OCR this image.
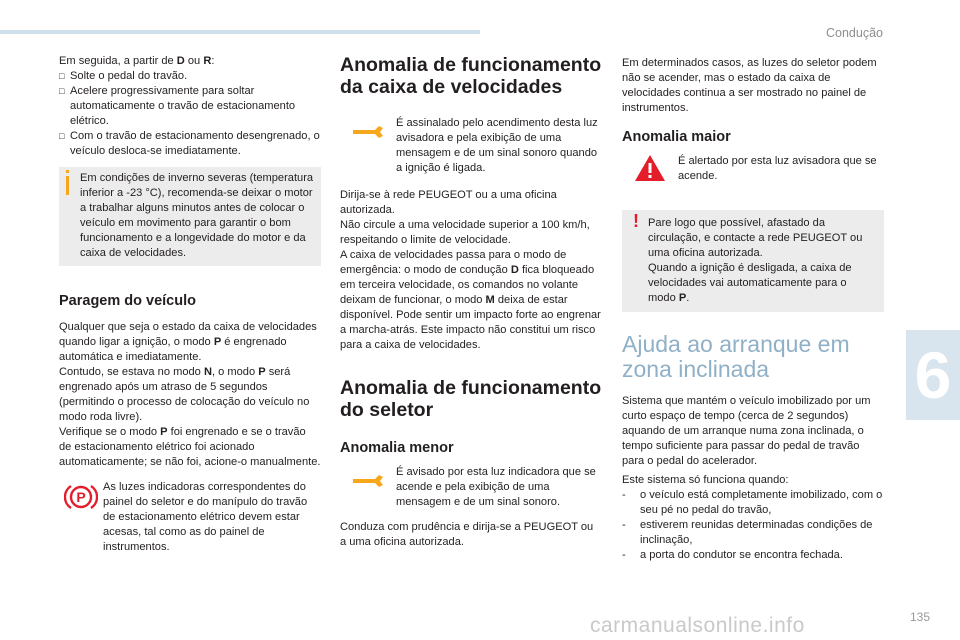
Condução
6
carmanualsonline.info	135

Em seguida, a partir de D ou R:

□ Solte o pedal do travão.
□ Acelere progressivamente para soltar automaticamente o travão de estacionamento elétrico.
□ Com o travão de estacionamento desengrenado, o veículo desloca-se imediatamente.

Em condições de inverno severas (temperatura inferior a -23 °C), recomenda-se deixar o motor a trabalhar alguns minutos antes de colocar o veículo em movimento para garantir o bom funcionamento e a longevidade do motor e da caixa de velocidades.

Paragem do veículo

Qualquer que seja o estado da caixa de velocidades quando ligar a ignição, o modo P é engrenado automática e imediatamente.

Contudo, se estava no modo N, o modo P será engrenado após um atraso de 5 segundos (permitindo o processo de colocação do veículo no modo roda livre).

Verifique se o modo P foi engrenado e se o travão de estacionamento elétrico foi acionado automaticamente; se não foi, acione-o manualmente.

P

As luzes indicadoras correspondentes do painel do seletor e do manípulo do travão de estacionamento elétrico devem estar acesas, tal como as do painel de instrumentos.

Anomalia de funcionamento da caixa de velocidades

É assinalado pelo acendimento desta luz avisadora e pela exibição de uma mensagem e de um sinal sonoro quando a ignição é ligada.

Dirija-se à rede PEUGEOT ou a uma oficina autorizada.

Não circule a uma velocidade superior a 100 km/h, respeitando o limite de velocidade.

A caixa de velocidades passa para o modo de emergência: o modo de condução D fica bloqueado em terceira velocidade, os comandos no volante deixam de funcionar, o modo M deixa de estar disponível. Pode sentir um impacto forte ao engrenar a marcha-atrás. Este impacto não constitui um risco para a caixa de velocidades.

Anomalia de funcionamento do seletor

Anomalia menor

É avisado por esta luz indicadora que se acende e pela exibição de uma mensagem e de um sinal sonoro.

Conduza com prudência e dirija-se a PEUGEOT ou a uma oficina autorizada.

Em determinados casos, as luzes do seletor podem não se acender, mas o estado da caixa de velocidades continua a ser mostrado no painel de instrumentos.

Anomalia maior

É alertado por esta luz avisadora que se acende.

! Pare logo que possível, afastado da circulação, e contacte a rede PEUGEOT ou uma oficina autorizada.

Quando a ignição é desligada, a caixa de velocidades vai automaticamente para o modo P.

Ajuda ao arranque em zona inclinada

Sistema que mantém o veículo imobilizado por um curto espaço de tempo (cerca de 2 segundos) aquando de um arranque numa zona inclinada, o tempo suficiente para passar do pedal de travão para o pedal do acelerador.

Este sistema só funciona quando:

-	o veículo está completamente imobilizado, com o seu pé no pedal do travão,
-	estiverem reunidas determinadas condições de inclinação,
-	a porta do condutor se encontra fechada.
